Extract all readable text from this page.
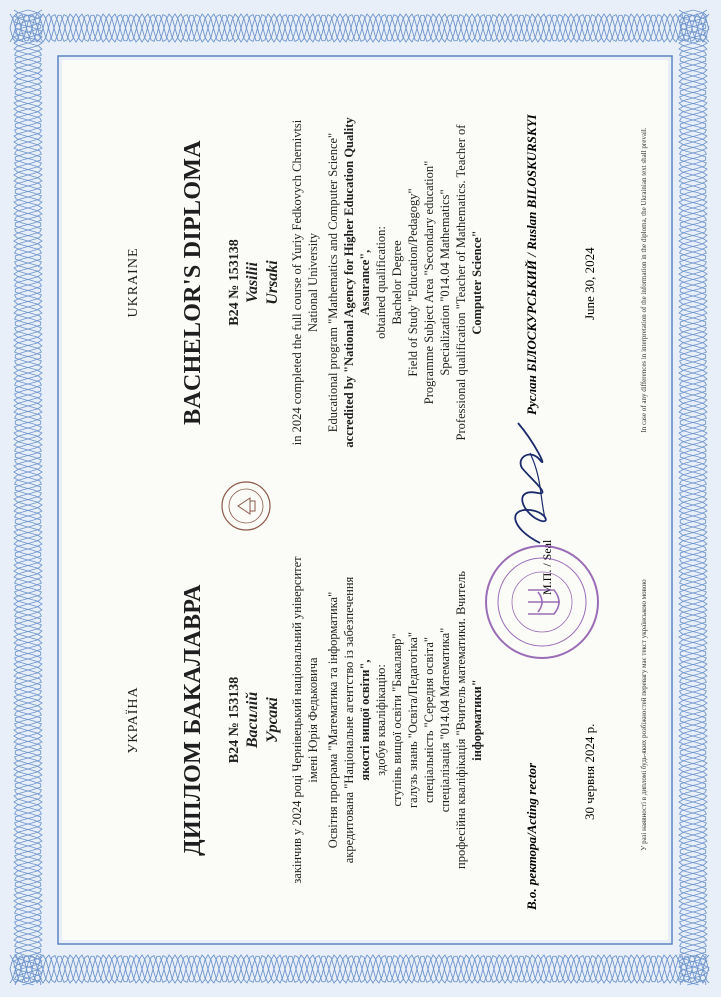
УКРАЇНА ДИПЛОМ БАКАЛАВРА В24 № 153138 Василій Урсакі закінчив у 2024 році Чернівецький національний університет імені Юрія Федьковича Освітня програма "Математика та інформатика" акредитована "Національне агентство із забезпечення якості вищої освіти", здобув кваліфікацію: ступінь вищої освіти "Бакалавр" галузь знань "Освіта/Педагогіка" спеціальність "Середня освіта" спеціалізація "014.04 Математика" професійна кваліфікація "Вчитель математики. Вчитель інформатики"
В.о. ректора/Acting rector
М.П. / Seal
30 червня 2024 р.	У разі наявності в дипломі будь-яких розбіжностей перевагу має текст українською мовою
UKRAINE BACHELOR'S DIPLOMA B24 № 153138 Vasilii Ursaki in 2024 completed the full course of Yuriy Fedkovych Chernivtsi National University Educational program "Mathematics and Computer Science" accredited by "National Agency for Higher Education Quality Assurance", obtained qualification: Bachelor Degree Field of Study "Education/Pedagogy" Programme Subject Area "Secondary education" Specialization "014.04 Mathematics" Professional qualification "Teacher of Mathematics. Teacher of Computer Science"	Руслан БІЛОСКУРСЬКИЙ / Ruslan BILOSKURSKYI	June 30, 2024	In case of any differences in interpretation of the information in the diploma, the Ukrainian text shall prevail.
